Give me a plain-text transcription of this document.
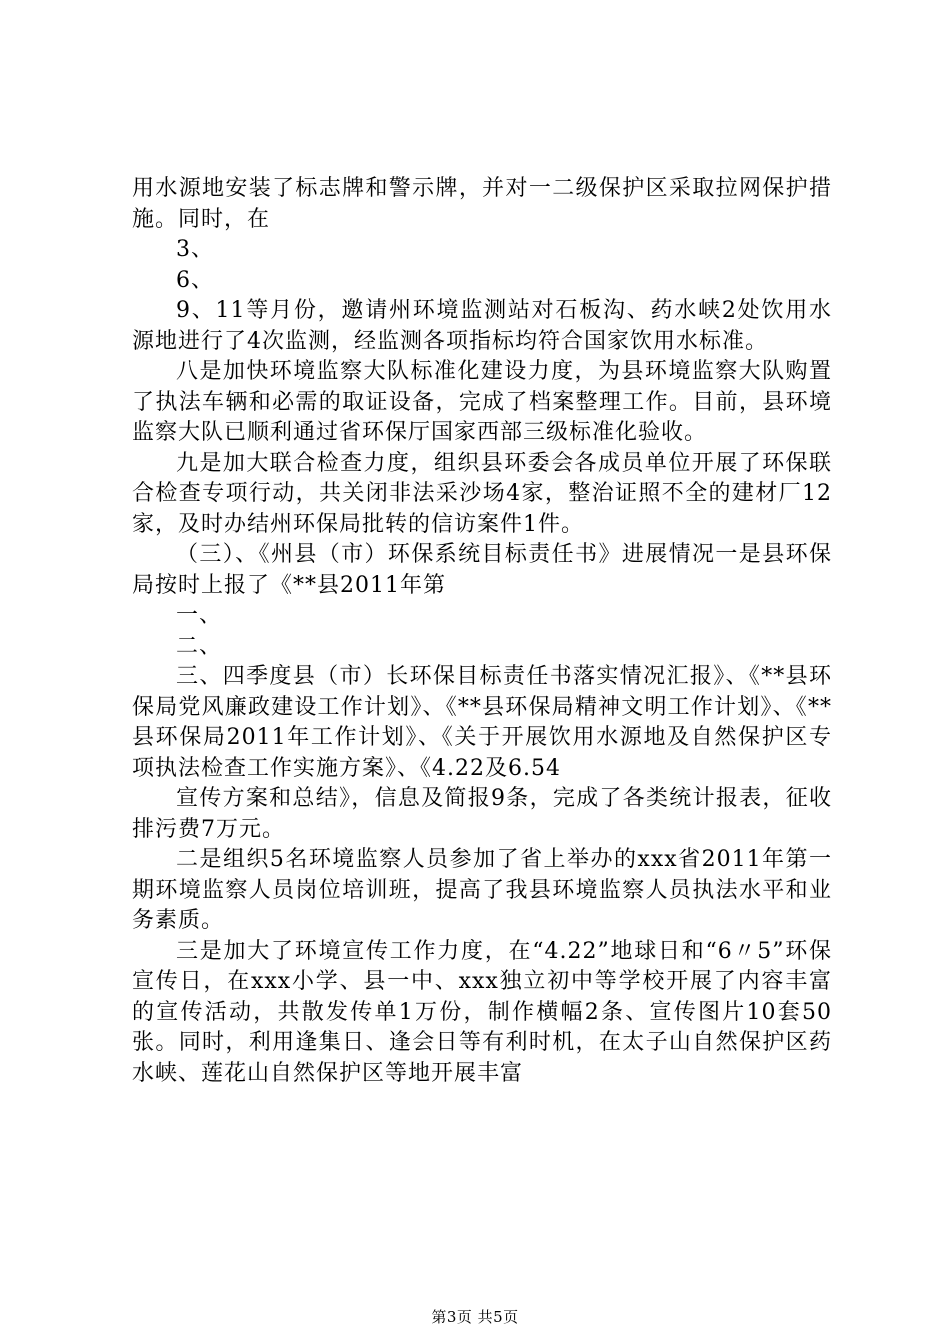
用水源地安装了标志牌和警示牌，并对一二级保护区采取拉网保护措施。同时，在

3、

6、

9、11等月份，邀请州环境监测站对石板沟、药水峡2处饮用水源地进行了4次监测，经监测各项指标均符合国家饮用水标准。

八是加快环境监察大队标准化建设力度，为县环境监察大队购置了执法车辆和必需的取证设备，完成了档案整理工作。目前，县环境监察大队已顺利通过省环保厅国家西部三级标准化验收。

九是加大联合检查力度，组织县环委会各成员单位开展了环保联合检查专项行动，共关闭非法采沙场4家，整治证照不全的建材厂12家，及时办结州环保局批转的信访案件1件。

（三）、《州县（市）环保系统目标责任书》进展情况一是县环保局按时上报了《**县2011年第

一、

二、

三、四季度县（市）长环保目标责任书落实情况汇报》、《**县环保局党风廉政建设工作计划》、《**县环保局精神文明工作计划》、《**县环保局2011年工作计划》、《关于开展饮用水源地及自然保护区专项执法检查工作实施方案》、《4.22及6.54

宣传方案和总结》，信息及简报9条，完成了各类统计报表，征收排污费7万元。

二是组织5名环境监察人员参加了省上举办的xxx省2011年第一期环境监察人员岗位培训班，提高了我县环境监察人员执法水平和业务素质。

三是加大了环境宣传工作力度，在“4.22”地球日和“6〃5”环保宣传日，在xxx小学、县一中、xxx独立初中等学校开展了内容丰富的宣传活动，共散发传单1万份，制作横幅2条、宣传图片10套50张。同时，利用逢集日、逢会日等有利时机，在太子山自然保护区药水峡、莲花山自然保护区等地开展丰富

第3页 共5页
